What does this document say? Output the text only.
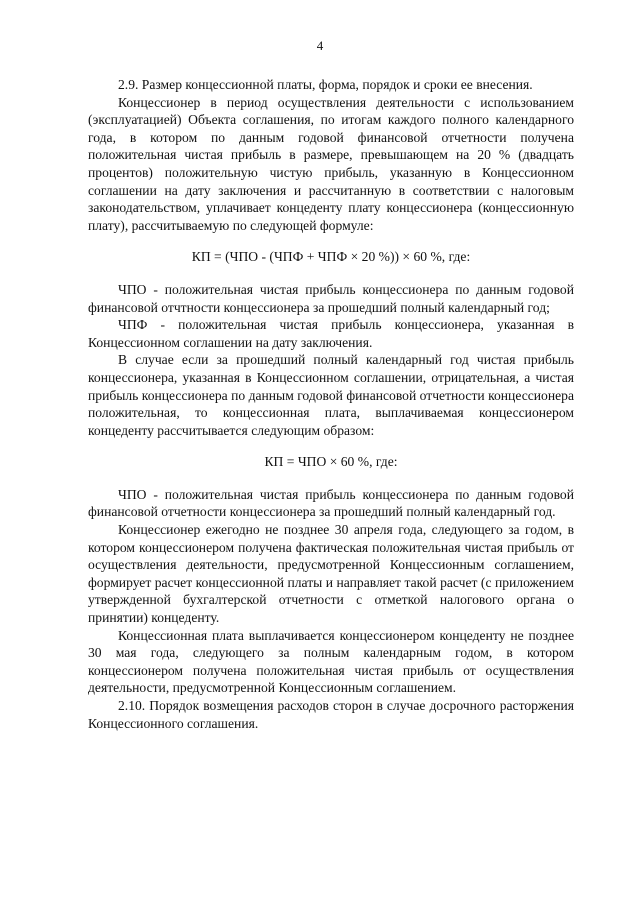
4

2.9. Размер концессионной платы, форма, порядок и сроки ее внесения.

Концессионер в период осуществления деятельности с использованием (эксплуатацией) Объекта соглашения, по итогам каждого полного календарного года, в котором по данным годовой финансовой отчетности получена положительная чистая прибыль в размере, превышающем на 20 % (двадцать процентов) положительную чистую прибыль, указанную в Концессионном соглашении на дату заключения и рассчитанную в соответствии с налоговым законодательством, уплачивает концеденту плату концессионера (концессионную плату), рассчитываемую по следующей формуле:

КП = (ЧПО - (ЧПФ + ЧПФ × 20 %)) × 60 %, где:

ЧПО - положительная чистая прибыль концессионера по данным годовой финансовой отчтности концессионера за прошедший полный календарный год;

ЧПФ - положительная чистая прибыль концессионера, указанная в Концессионном соглашении на дату заключения.

В случае если за прошедший полный календарный год чистая прибыль концессионера, указанная в Концессионном соглашении, отрицательная, а чистая прибыль концессионера по данным годовой финансовой отчетности концессионера положительная, то концессионная плата, выплачиваемая концессионером концеденту рассчитывается следующим образом:

КП = ЧПО × 60 %, где:

ЧПО - положительная чистая прибыль концессионера по данным годовой финансовой отчетности концессионера за прошедший полный календарный год.

Концессионер ежегодно не позднее 30 апреля года, следующего за годом, в котором концессионером получена фактическая положительная чистая прибыль от осуществления деятельности, предусмотренной Концессионным соглашением, формирует расчет концессионной платы и направляет такой расчет (с приложением утвержденной бухгалтерской отчетности с отметкой налогового органа о принятии) концеденту.

Концессионная плата выплачивается концессионером концеденту не позднее 30 мая года, следующего за полным календарным годом, в котором концессионером получена положительная чистая прибыль от осуществления деятельности, предусмотренной Концессионным соглашением.

2.10. Порядок возмещения расходов сторон в случае досрочного расторжения Концессионного соглашения.
